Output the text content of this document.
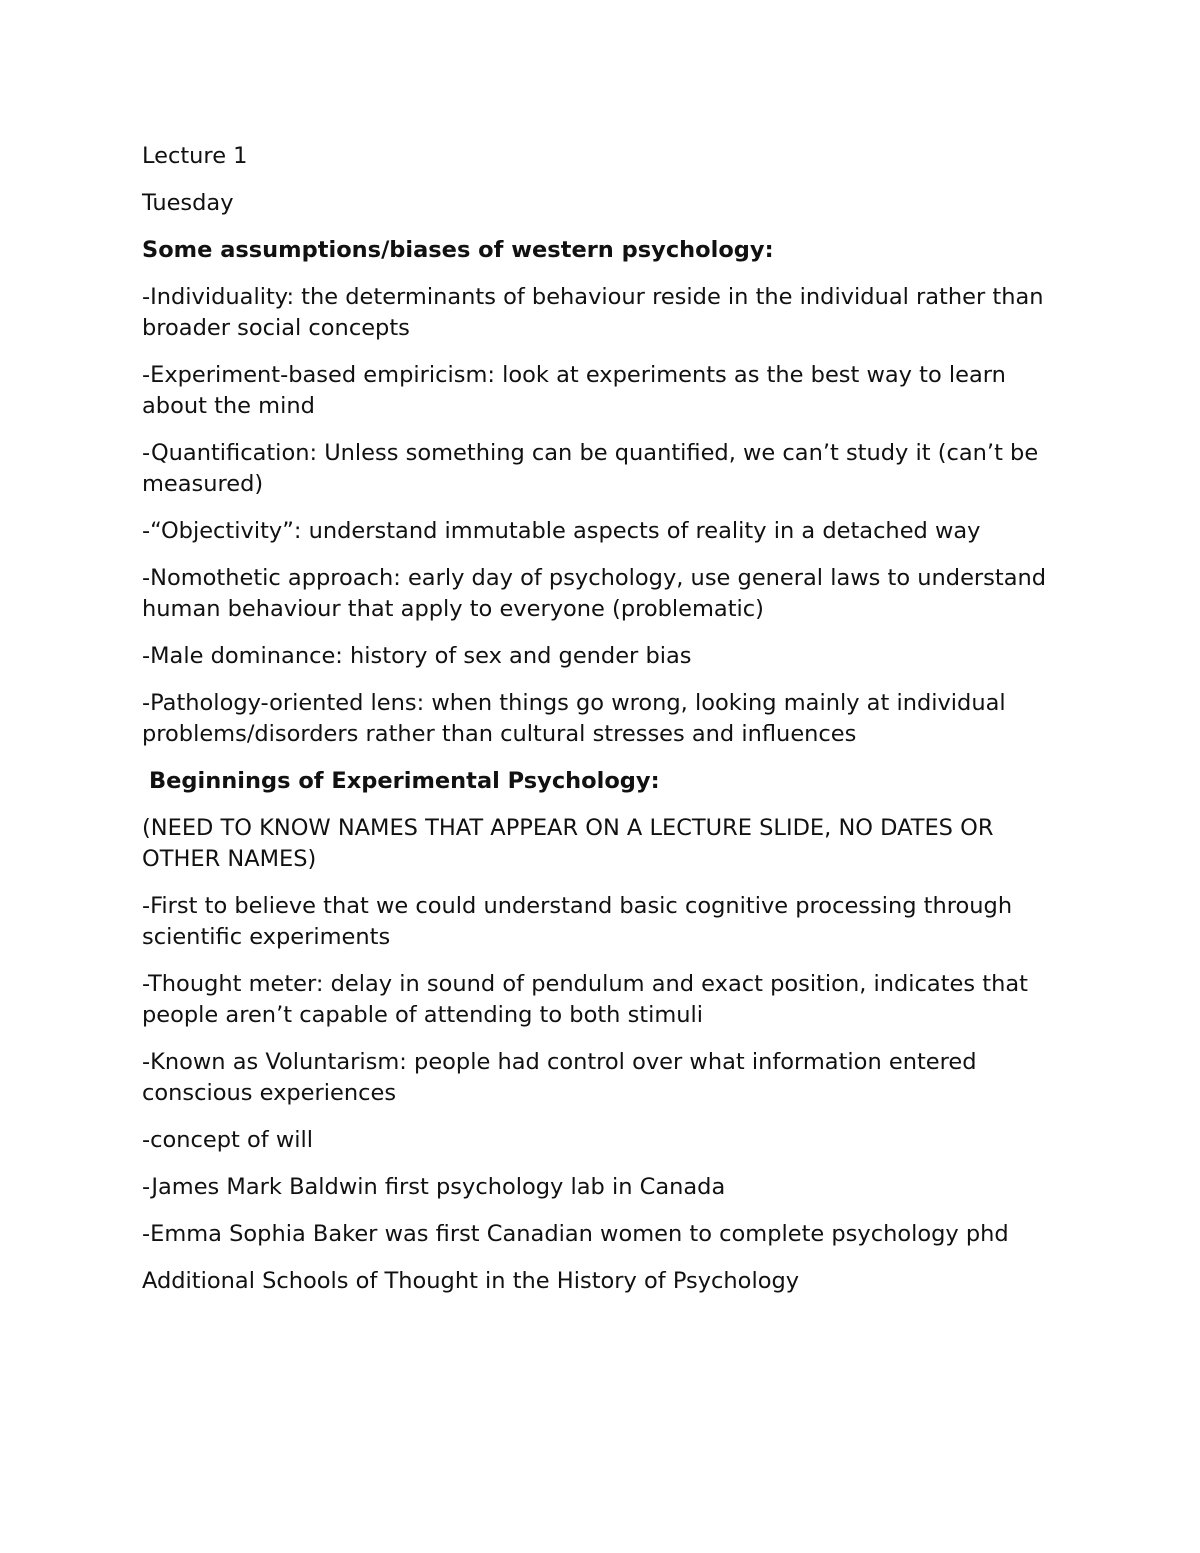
Lecture 1

Tuesday

Some assumptions/biases of western psychology:

-Individuality: the determinants of behaviour reside in the individual rather than broader social concepts

-Experiment-based empiricism: look at experiments as the best way to learn about the mind

-Quantification: Unless something can be quantified, we can’t study it (can’t be measured)

-“Objectivity”: understand immutable aspects of reality in a detached way

-Nomothetic approach: early day of psychology, use general laws to understand human behaviour that apply to everyone (problematic)

-Male dominance: history of sex and gender bias

-Pathology-oriented lens: when things go wrong, looking mainly at individual problems/disorders rather than cultural stresses and influences

Beginnings of Experimental Psychology:

(NEED TO KNOW NAMES THAT APPEAR ON A LECTURE SLIDE, NO DATES OR OTHER NAMES)

-First to believe that we could understand basic cognitive processing through scientific experiments

-Thought meter: delay in sound of pendulum and exact position, indicates that people aren’t capable of attending to both stimuli

-Known as Voluntarism: people had control over what information entered conscious experiences

-concept of will

-James Mark Baldwin first psychology lab in Canada

-Emma Sophia Baker was first Canadian women to complete psychology phd

Additional Schools of Thought in the History of Psychology
